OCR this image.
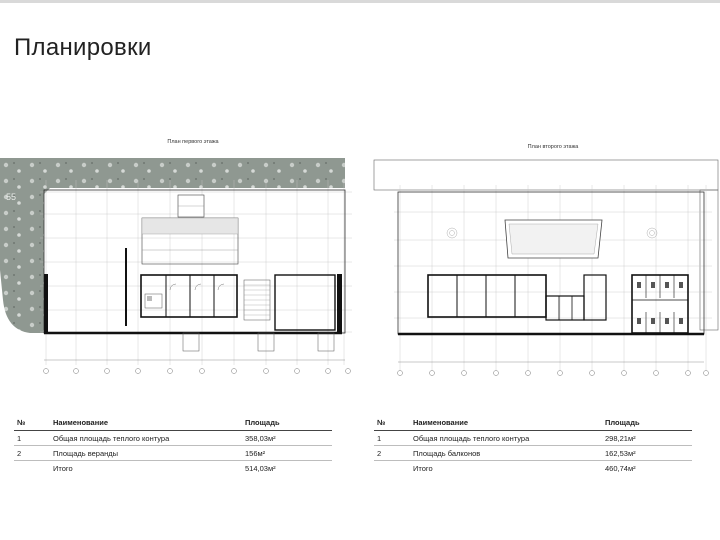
Планировки
План первого этажа
55
План второго этажа
№	Наименование	Площадь
1	Общая площадь теплого контура	358,03м²
2	Площадь веранды	156м²
	Итого	514,03м²
№	Наименование	Площадь
1	Общая площадь теплого контура	298,21м²
2	Площадь балконов	162,53м²
	Итого	460,74м²
